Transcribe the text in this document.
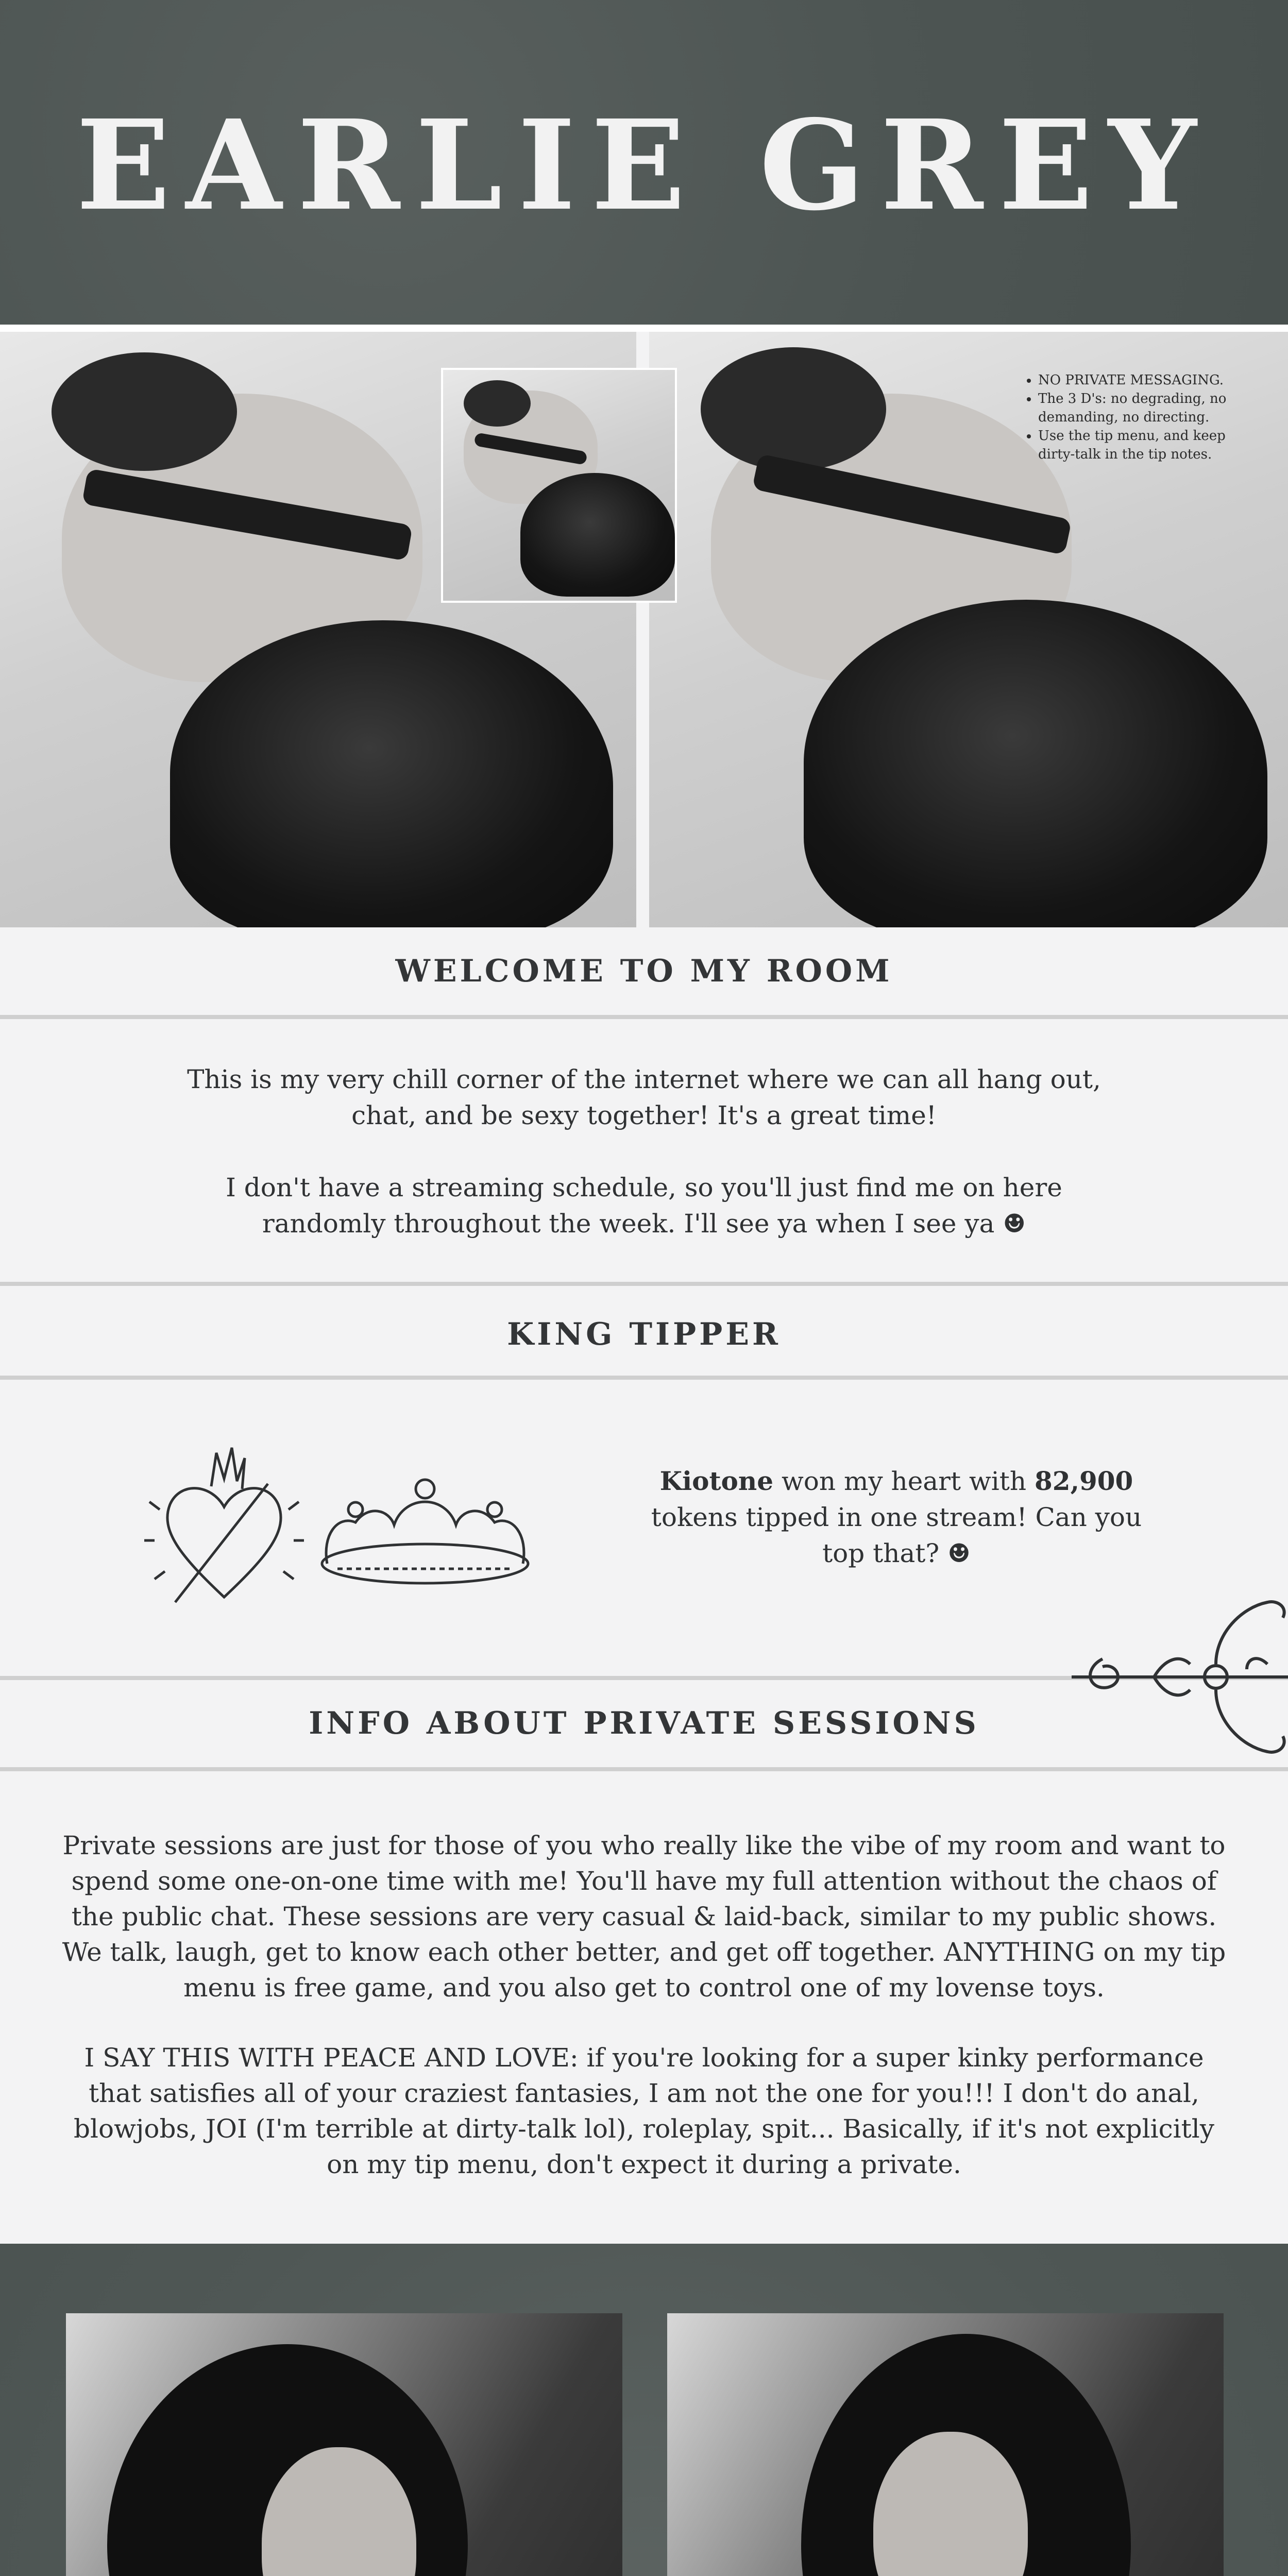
EARLIE GREY
• NO PRIVATE MESSAGING.
• The 3 D's: no degrading, no demanding, no directing.
• Use the tip menu, and keep dirty-talk in the tip notes.
WELCOME TO MY ROOM

This is my very chill corner of the internet where we can all hang out,
chat, and be sexy together! It's a great time!

I don't have a streaming schedule, so you'll just find me on here
randomly throughout the week. I'll see ya when I see ya ☻

KING TIPPER

Kiotone won my heart with 82,900
tokens tipped in one stream! Can you
top that? ☻

INFO ABOUT PRIVATE SESSIONS

Private sessions are just for those of you who really like the vibe of my room and want to
spend some one-on-one time with me! You'll have my full attention without the chaos of
the public chat. These sessions are very casual & laid-back, similar to my public shows.
We talk, laugh, get to know each other better, and get off together. ANYTHING on my tip
menu is free game, and you also get to control one of my lovense toys.

I SAY THIS WITH PEACE AND LOVE: if you're looking for a super kinky performance
that satisfies all of your craziest fantasies, I am not the one for you!!! I don't do anal,
blowjobs, JOI (I'm terrible at dirty-talk lol), roleplay, spit... Basically, if it's not explicitly
on my tip menu, don't expect it during a private.
